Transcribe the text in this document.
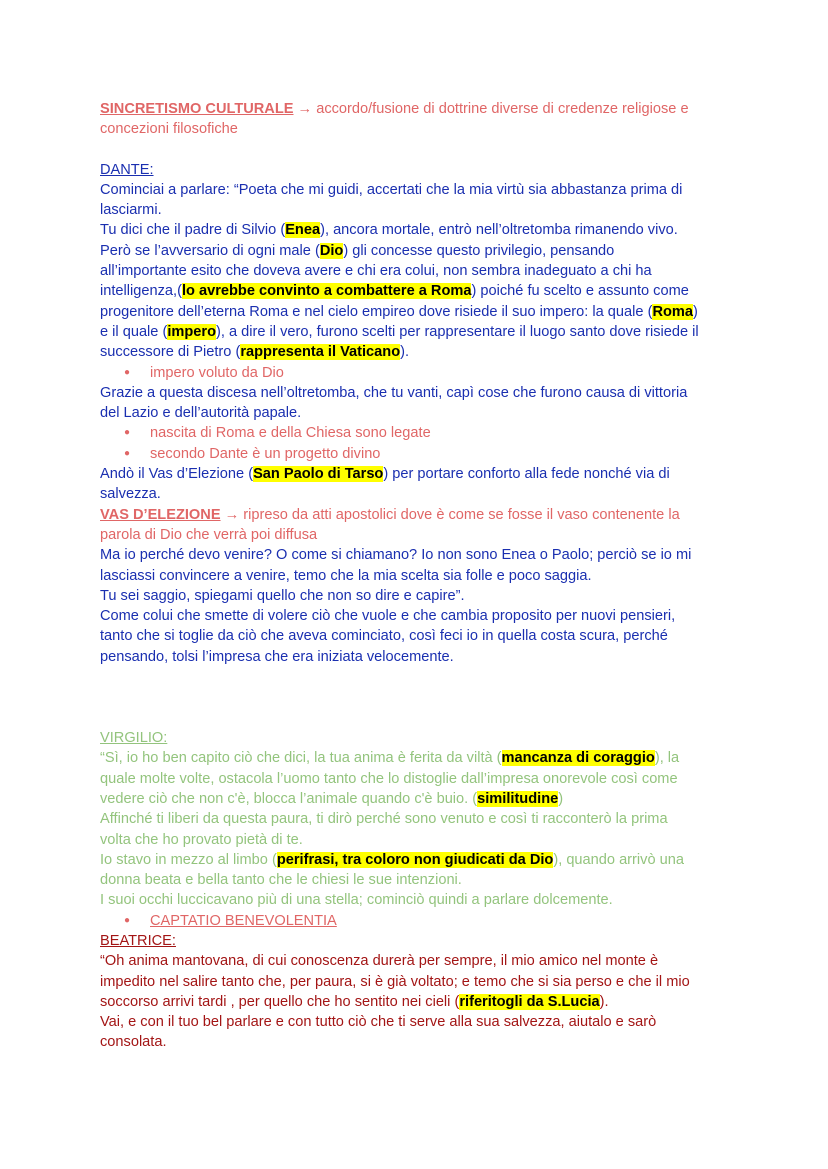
SINCRETISMO CULTURALE → accordo/fusione di dottrine diverse di credenze religiose e

concezioni filosofiche

DANTE:

Cominciai a parlare: “Poeta che mi guidi, accertati che la mia virtù sia abbastanza prima di

lasciarmi.

Tu dici che il padre di Silvio (Enea), ancora mortale, entrò nell’oltretomba rimanendo vivo.

Però se l’avversario di ogni male (Dio) gli concesse questo privilegio, pensando

all’importante esito che doveva avere e chi era colui, non sembra inadeguato a chi ha

intelligenza,(lo avrebbe convinto a combattere a Roma) poiché fu scelto e assunto come

progenitore dell’eterna Roma e nel cielo empireo dove risiede il suo impero: la quale (Roma)

e il quale (impero), a dire il vero, furono scelti per rappresentare il luogo santo dove risiede il

successore di Pietro (rappresenta il Vaticano).

● impero voluto da Dio

Grazie a questa discesa nell’oltretomba, che tu vanti, capì cose che furono causa di vittoria

del Lazio e dell’autorità papale.

● nascita di Roma e della Chiesa sono legate
● secondo Dante è un progetto divino

Andò il Vas d’Elezione (San Paolo di Tarso) per portare conforto alla fede nonché via di

salvezza.

VAS D’ELEZIONE → ripreso da atti apostolici dove è come se fosse il vaso contenente la

parola di Dio che verrà poi diffusa

Ma io perché devo venire? O come si chiamano? Io non sono Enea o Paolo; perciò se io mi

lasciassi convincere a venire, temo che la mia scelta sia folle e poco saggia.

Tu sei saggio, spiegami quello che non so dire e capire”.

Come colui che smette di volere ciò che vuole e che cambia proposito per nuovi pensieri,

tanto che si toglie da ciò che aveva cominciato, così feci io in quella costa scura, perché

pensando, tolsi l’impresa che era iniziata velocemente.

VIRGILIO:

“Sì, io ho ben capito ciò che dici, la tua anima è ferita da viltà (mancanza di coraggio), la

quale molte volte, ostacola l’uomo tanto che lo distoglie dall’impresa onorevole così come

vedere ciò che non c'è, blocca l’animale quando c'è buio. (similitudine)

Affinché ti liberi da questa paura, ti dirò perché sono venuto e così ti racconterò la prima

volta che ho provato pietà di te.

Io stavo in mezzo al limbo (perifrasi, tra coloro non giudicati da Dio), quando arrivò una

donna beata e bella tanto che le chiesi le sue intenzioni.

I suoi occhi luccicavano più di una stella; cominciò quindi a parlare dolcemente.

● CAPTATIO BENEVOLENTIA

BEATRICE:

“Oh anima mantovana, di cui conoscenza durerà per sempre, il mio amico nel monte è

impedito nel salire tanto che, per paura, si è già voltato; e temo che si sia perso e che il mio

soccorso arrivi tardi , per quello che ho sentito nei cieli (riferitogli da S.Lucia).

Vai, e con il tuo bel parlare e con tutto ciò che ti serve alla sua salvezza, aiutalo e sarò

consolata.
